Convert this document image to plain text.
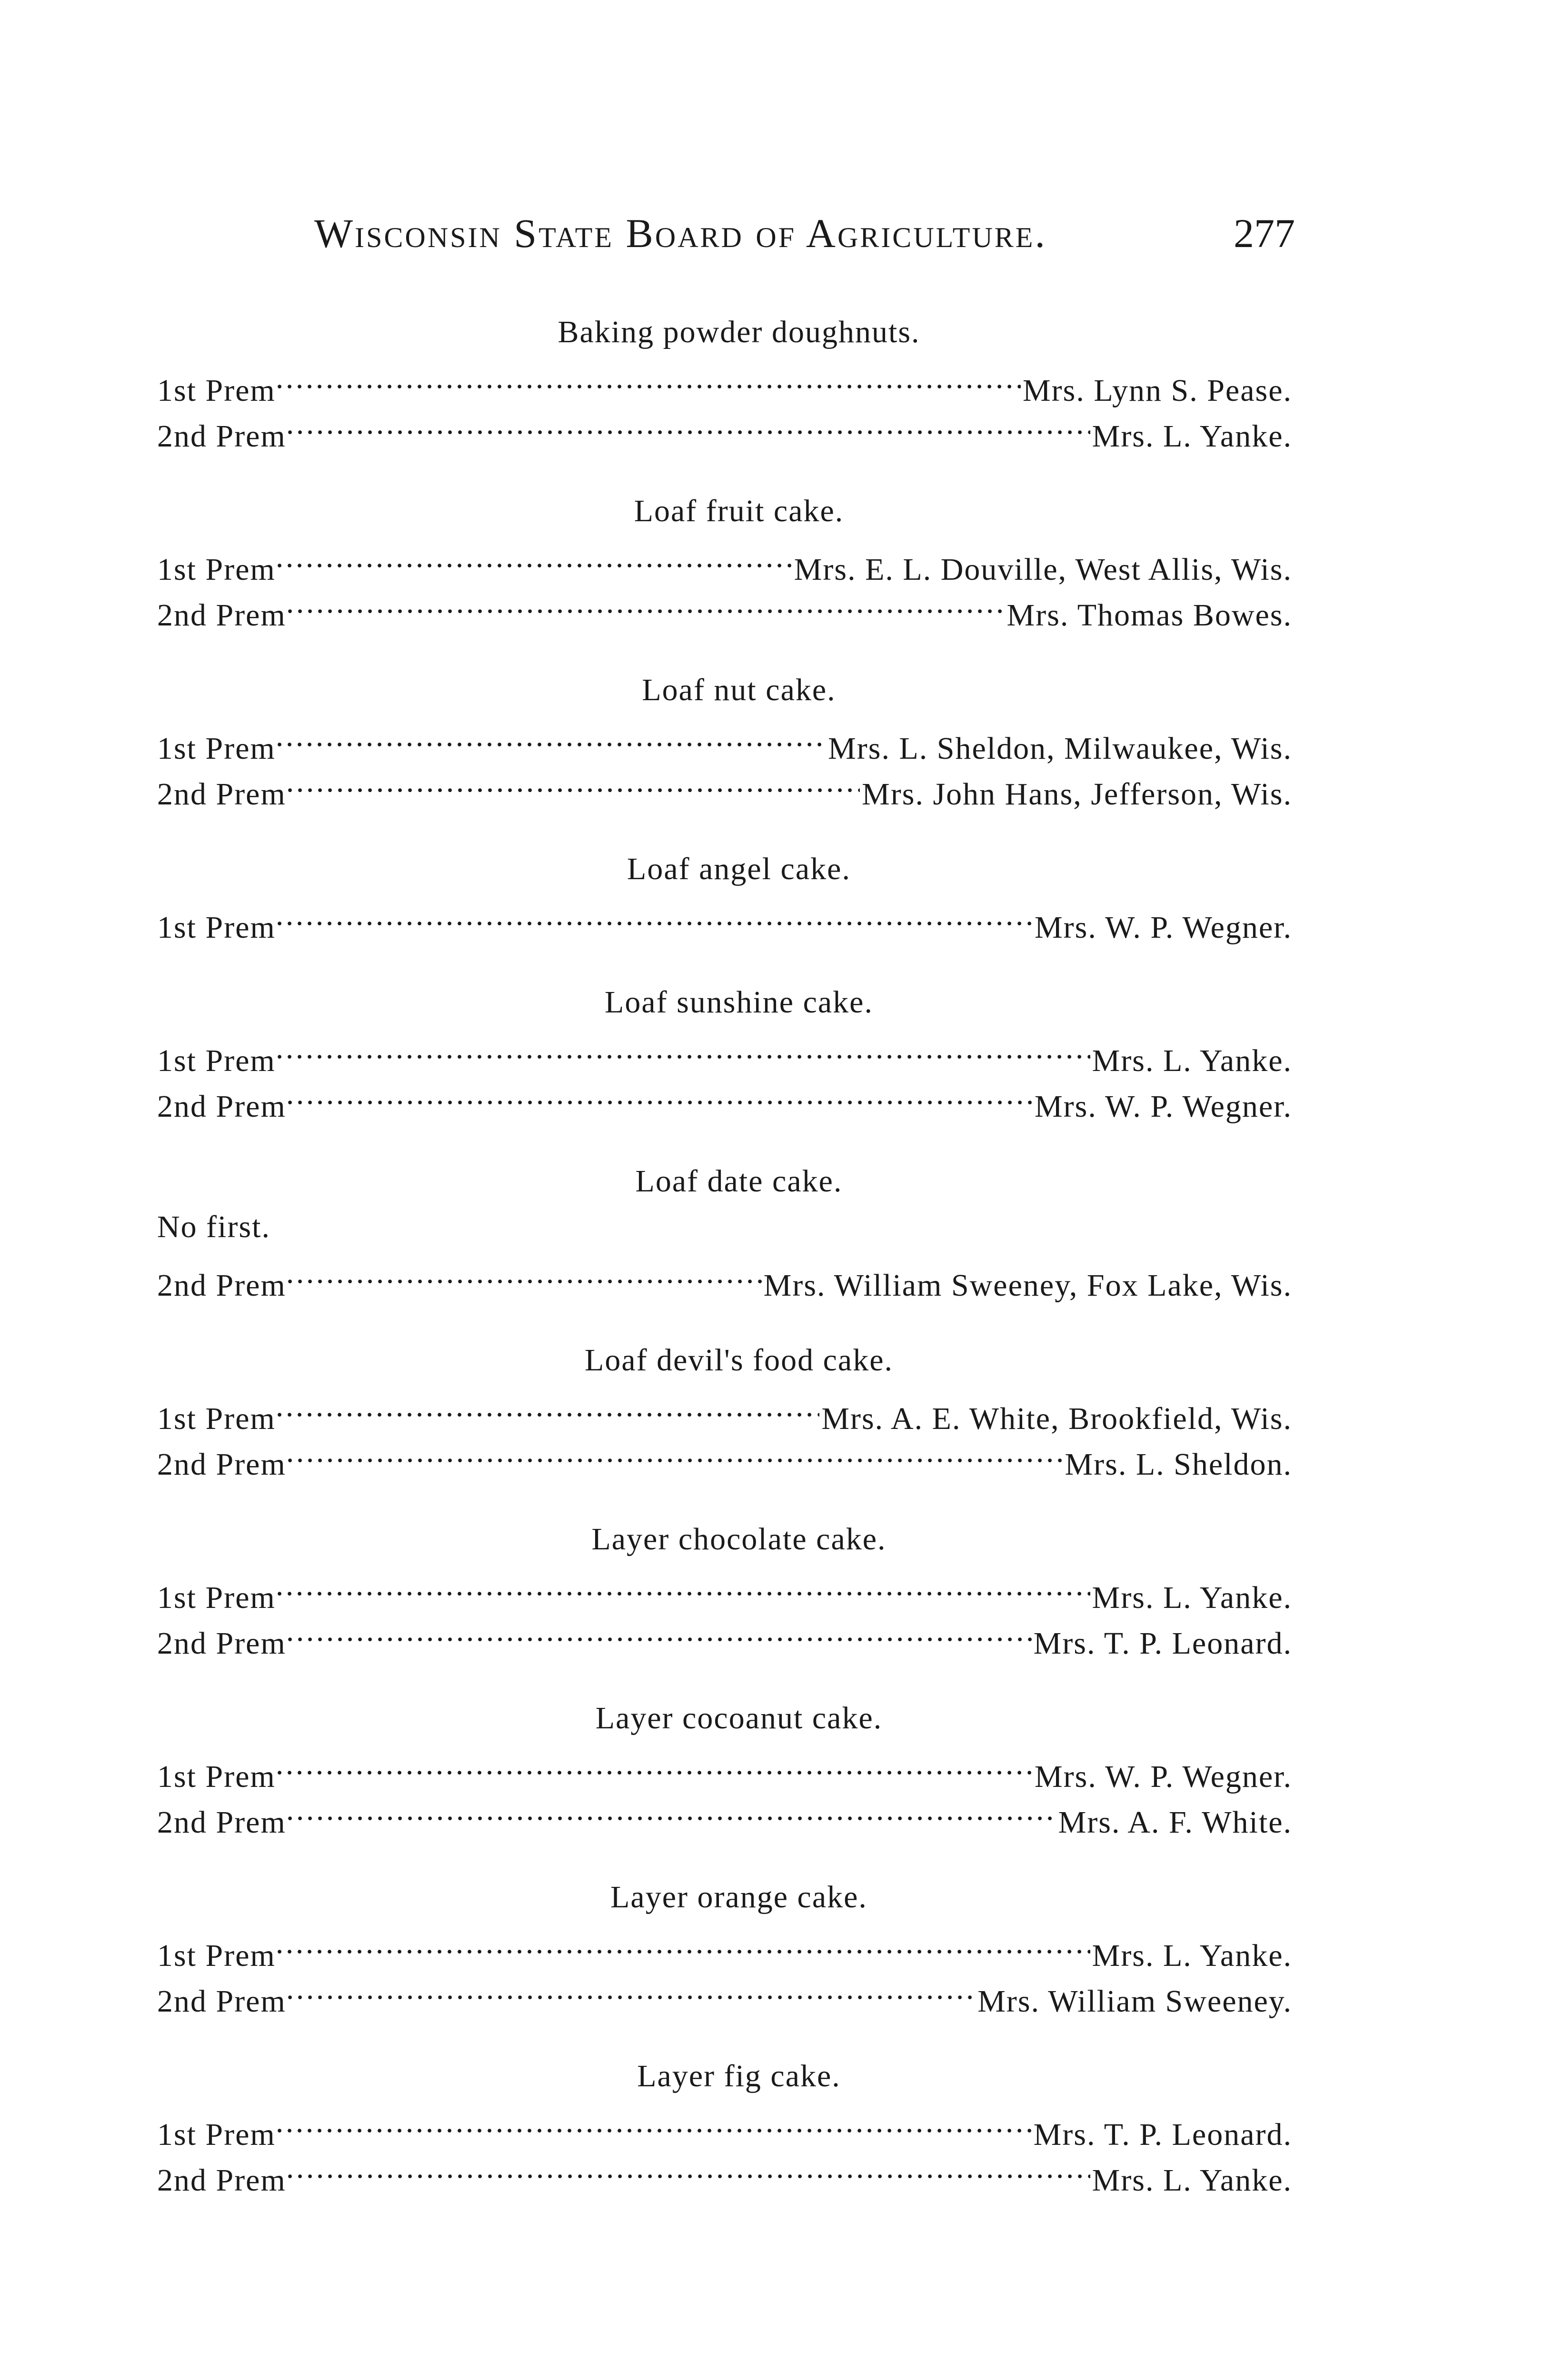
Wisconsin State Board of Agriculture.	277
Baking powder doughnuts.
1st Prem . . .	Mrs. Lynn S. Pease.
2nd Prem . . .	Mrs. L. Yanke.
Loaf fruit cake.
1st Prem . . .	Mrs. E. L. Douville, West Allis, Wis.
2nd Prem . . .	Mrs. Thomas Bowes.
Loaf nut cake.
1st Prem . . .	Mrs. L. Sheldon, Milwaukee, Wis.
2nd Prem . . .	Mrs. John Hans, Jefferson, Wis.
Loaf angel cake.
1st Prem . . .	Mrs. W. P. Wegner.
Loaf sunshine cake.
1st Prem . . .	Mrs. L. Yanke.
2nd Prem . . .	Mrs. W. P. Wegner.
Loaf date cake.
No first.
2nd Prem . . .	Mrs. William Sweeney, Fox Lake, Wis.
Loaf devil's food cake.
1st Prem . . .	Mrs. A. E. White, Brookfield, Wis.
2nd Prem . . .	Mrs. L. Sheldon.
Layer chocolate cake.
1st Prem . . .	Mrs. L. Yanke.
2nd Prem . . .	Mrs. T. P. Leonard.
Layer cocoanut cake.
1st Prem . . .	Mrs. W. P. Wegner.
2nd Prem . . .	Mrs. A. F. White.
Layer orange cake.
1st Prem . . .	Mrs. L. Yanke.
2nd Prem . . .	Mrs. William Sweeney.
Layer fig cake.
1st Prem . . .	Mrs. T. P. Leonard.
2nd Prem . . .	Mrs. L. Yanke.
